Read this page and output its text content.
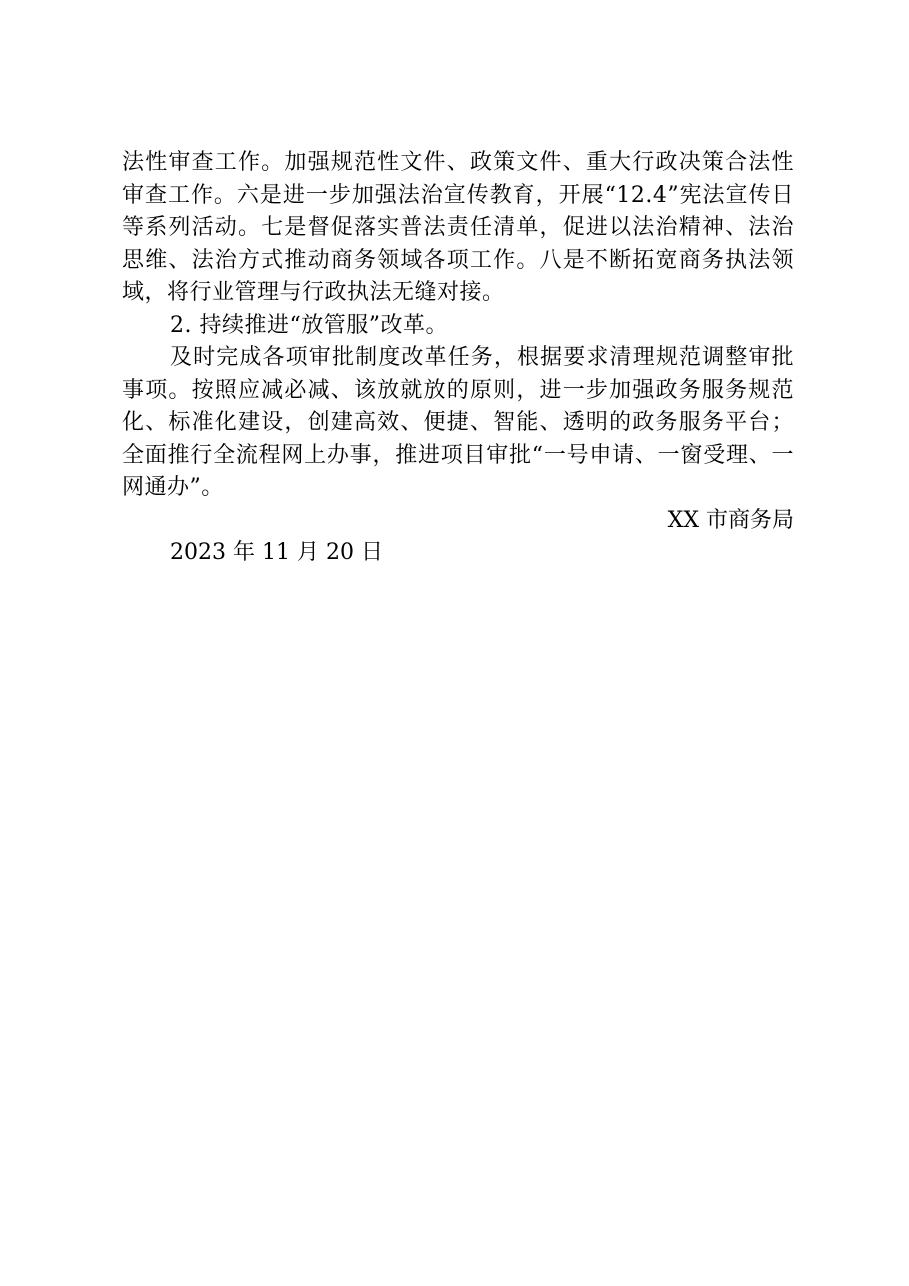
法性审查工作。加强规范性文件、政策文件、重大行政决策合法性审查工作。六是进一步加强法治宣传教育，开展“12.4”宪法宣传日等系列活动。七是督促落实普法责任清单，促进以法治精神、法治思维、法治方式推动商务领域各项工作。八是不断拓宽商务执法领域，将行业管理与行政执法无缝对接。

2. 持续推进“放管服”改革。

及时完成各项审批制度改革任务，根据要求清理规范调整审批事项。按照应减必减、该放就放的原则，进一步加强政务服务规范化、标准化建设，创建高效、便捷、智能、透明的政务服务平台；全面推行全流程网上办事，推进项目审批“一号申请、一窗受理、一网通办”。

XX 市商务局

2023 年 11 月 20 日
